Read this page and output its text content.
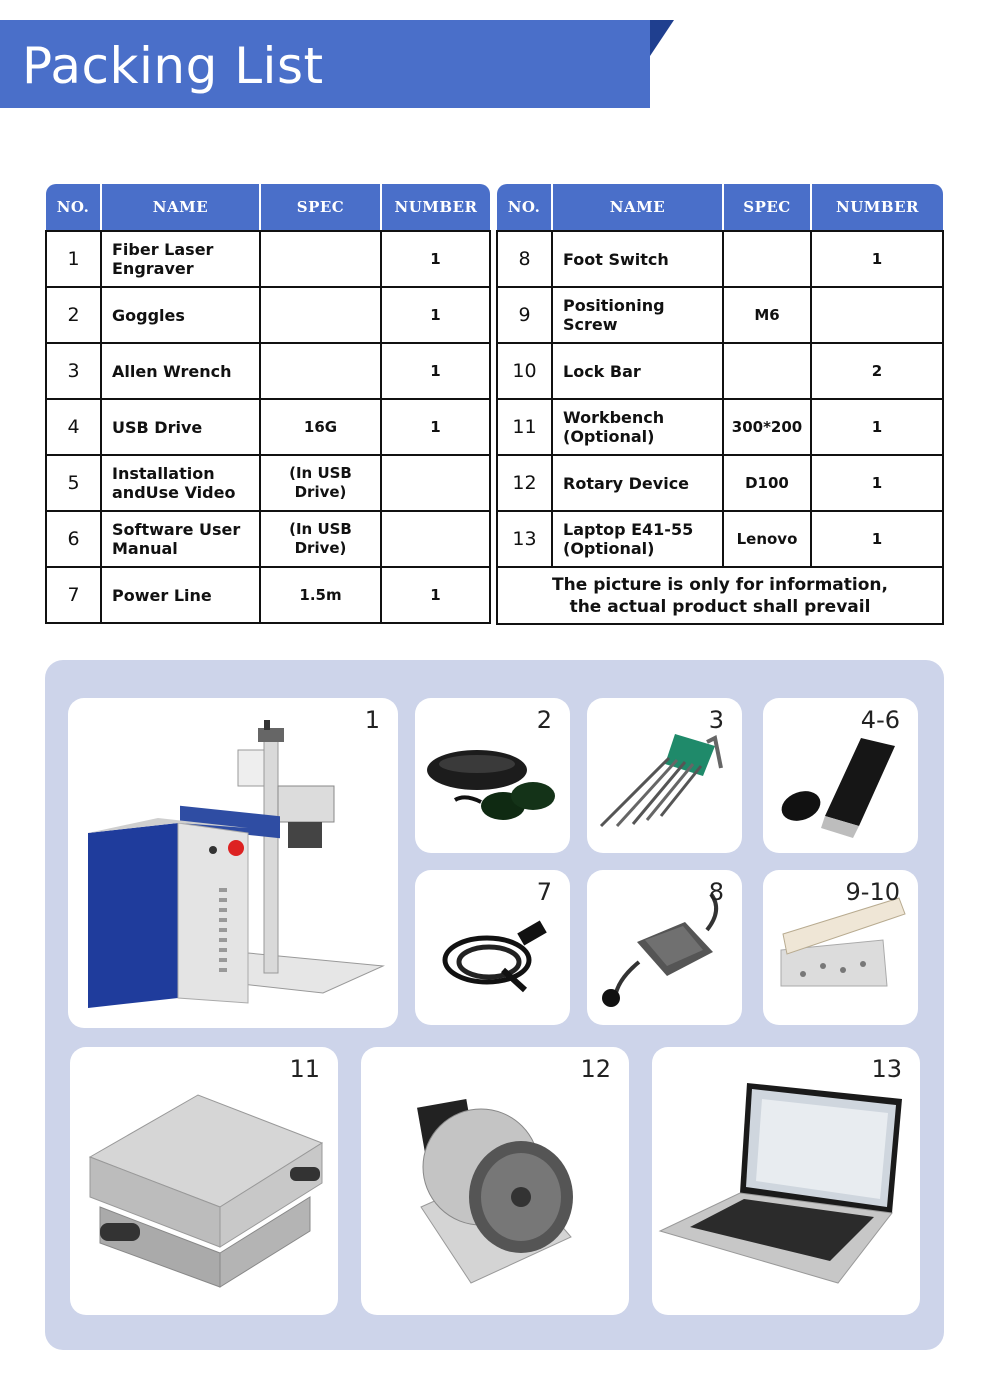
Packing List
NO.	NAME	SPEC	NUMBER
1	Fiber Laser Engraver		1
2	Goggles		1
3	Allen Wrench		1
4	USB Drive	16G	1
5	Installation andUse Video	(In USB Drive)	
6	Software User Manual	(In USB Drive)	
7	Power Line	1.5m	1
NO.	NAME	SPEC	NUMBER
8	Foot Switch		1
9	Positioning Screw	M6	
10	Lock Bar		2
11	Workbench (Optional)	300*200	1
12	Rotary Device	D100	1
13	Laptop E41-55 (Optional)	Lenovo	1
The picture is only for information,
the actual product shall prevail			
1	2	3	4-6
7	8	9-10
11	12	13
